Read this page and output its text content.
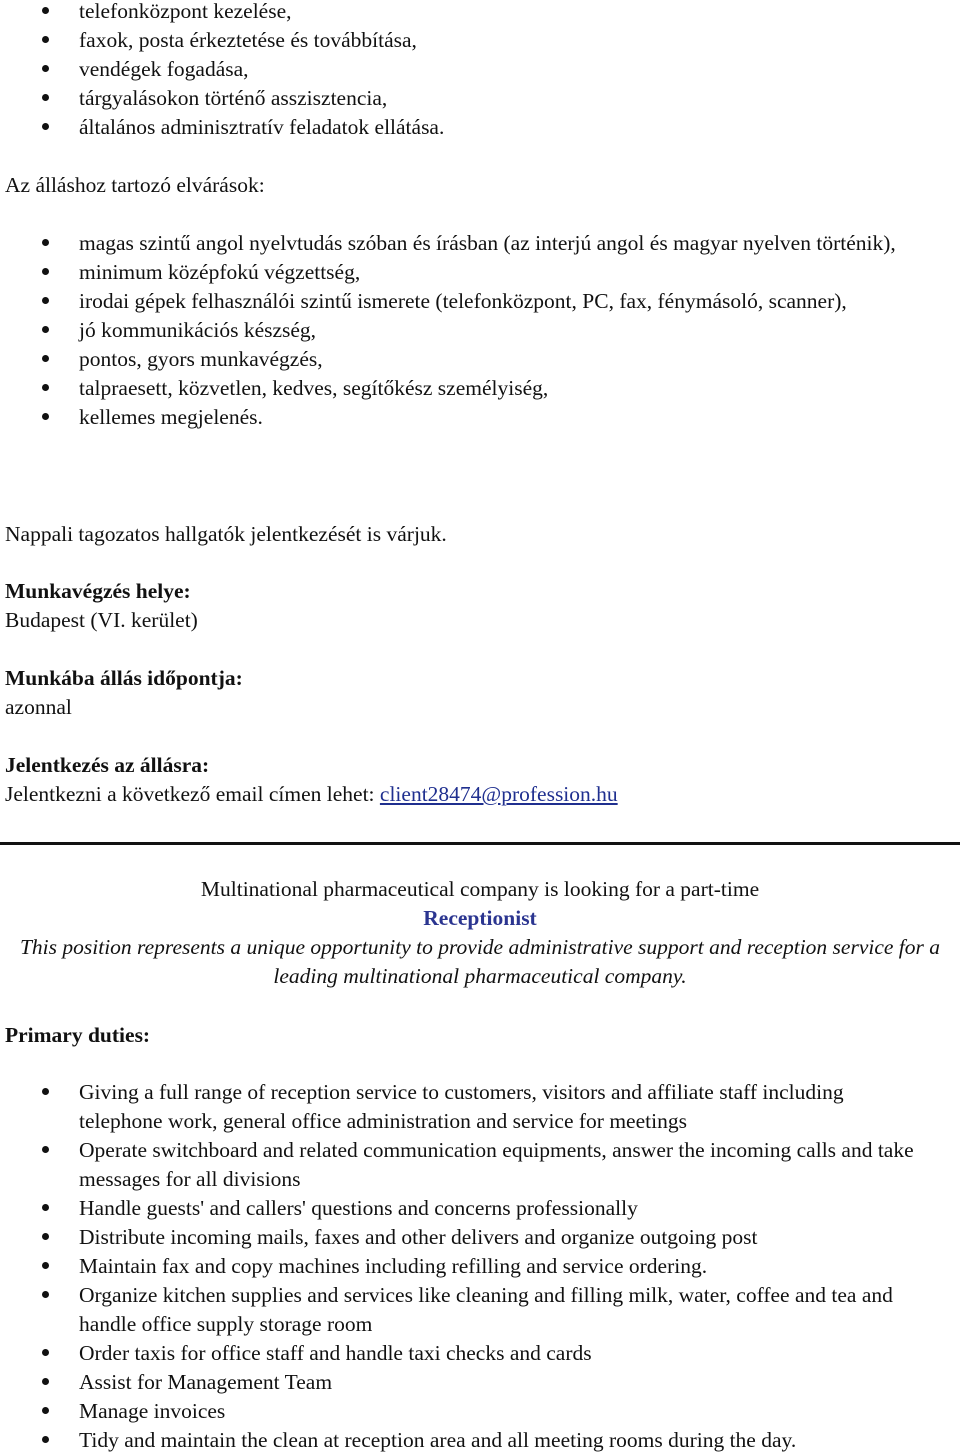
telefonközpont kezelése,
faxok, posta érkeztetése és továbbítása,
vendégek fogadása,
tárgyalásokon történő asszisztencia,
általános adminisztratív feladatok ellátása.
Az álláshoz tartozó elvárások:
magas szintű angol nyelvtudás szóban és írásban (az interjú angol és magyar nyelven történik),
minimum középfokú végzettség,
irodai gépek felhasználói szintű ismerete (telefonközpont, PC, fax, fénymásoló, scanner),
jó kommunikációs készség,
pontos, gyors munkavégzés,
talpraesett, közvetlen, kedves, segítőkész személyiség,
kellemes megjelenés.
Nappali tagozatos hallgatók jelentkezését is várjuk.
Munkavégzés helye:
Budapest (VI. kerület)
Munkába állás időpontja:
azonnal
Jelentkezés az állásra:
Jelentkezni a következő email címen lehet: client28474@profession.hu
Multinational pharmaceutical company is looking for a part-time
Receptionist
This position represents a unique opportunity to provide administrative support and reception service for a leading multinational pharmaceutical company.
Primary duties:
Giving a full range of reception service to customers, visitors and affiliate staff including telephone work, general office administration and service for meetings
Operate switchboard and related communication equipments, answer the incoming calls and take messages for all divisions
Handle guests' and callers' questions and concerns professionally
Distribute incoming mails, faxes and other delivers and organize outgoing post
Maintain fax and copy machines including refilling and service ordering.
Organize kitchen supplies and services like cleaning and filling milk, water, coffee and tea and handle office supply storage room
Order taxis for office staff and handle taxi checks and cards
Assist for Management Team
Manage invoices
Tidy and maintain the clean at reception area and all meeting rooms during the day.
